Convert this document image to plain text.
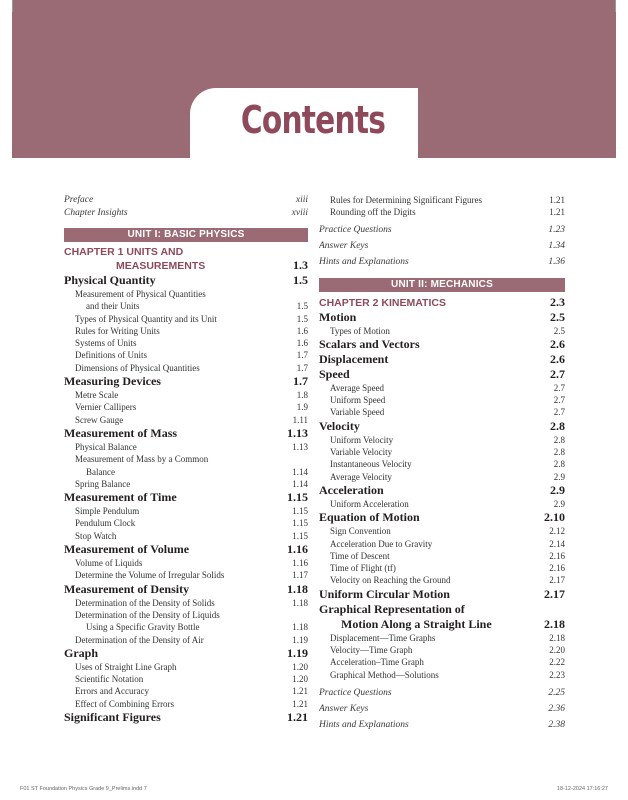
Contents
Preface	xiii
Chapter Insights	xviii
UNIT I: BASIC PHYSICS
CHAPTER 1 UNITS AND
MEASUREMENTS	1.3
Physical Quantity	1.5
Measurement of Physical Quantities
and their Units	1.5
Types of Physical Quantity and its Unit	1.5
Rules for Writing Units	1.6
Systems of Units	1.6
Definitions of Units	1.7
Dimensions of Physical Quantities	1.7
Measuring Devices	1.7
Metre Scale	1.8
Vernier Callipers	1.9
Screw Gauge	1.11
Measurement of Mass	1.13
Physical Balance	1.13
Measurement of Mass by a Common
Balance	1.14
Spring Balance	1.14
Measurement of Time	1.15
Simple Pendulum	1.15
Pendulum Clock	1.15
Stop Watch	1.15
Measurement of Volume	1.16
Volume of Liquids	1.16
Determine the Volume of Irregular Solids	1.17
Measurement of Density	1.18
Determination of the Density of Solids	1.18
Determination of the Density of Liquids
Using a Specific Gravity Bottle	1.18
Determination of the Density of Air	1.19
Graph	1.19
Uses of Straight Line Graph	1.20
Scientific Notation	1.20
Errors and Accuracy	1.21
Effect of Combining Errors	1.21
Significant Figures	1.21
Rules for Determining Significant Figures	1.21
Rounding off the Digits	1.21
Practice Questions	1.23
Answer Keys	1.34
Hints and Explanations	1.36
UNIT II: MECHANICS
CHAPTER 2 KINEMATICS	2.3
Motion	2.5
Types of Motion	2.5
Scalars and Vectors	2.6
Displacement	2.6
Speed	2.7
Average Speed	2.7
Uniform Speed	2.7
Variable Speed	2.7
Velocity	2.8
Uniform Velocity	2.8
Variable Velocity	2.8
Instantaneous Velocity	2.8
Average Velocity	2.9
Acceleration	2.9
Uniform Acceleration	2.9
Equation of Motion	2.10
Sign Convention	2.12
Acceleration Due to Gravity	2.14
Time of Descent	2.16
Time of Flight (tf)	2.16
Velocity on Reaching the Ground	2.17
Uniform Circular Motion	2.17
Graphical Representation of
Motion Along a Straight Line	2.18
Displacement—Time Graphs	2.18
Velocity—Time Graph	2.20
Acceleration–Time Graph	2.22
Graphical Method—Solutions	2.23
Practice Questions	2.25
Answer Keys	2.36
Hints and Explanations	2.38
F01 ST Foundation Physics Grade 9_Prelims.indd 7	18-12-2024 17:16:27
